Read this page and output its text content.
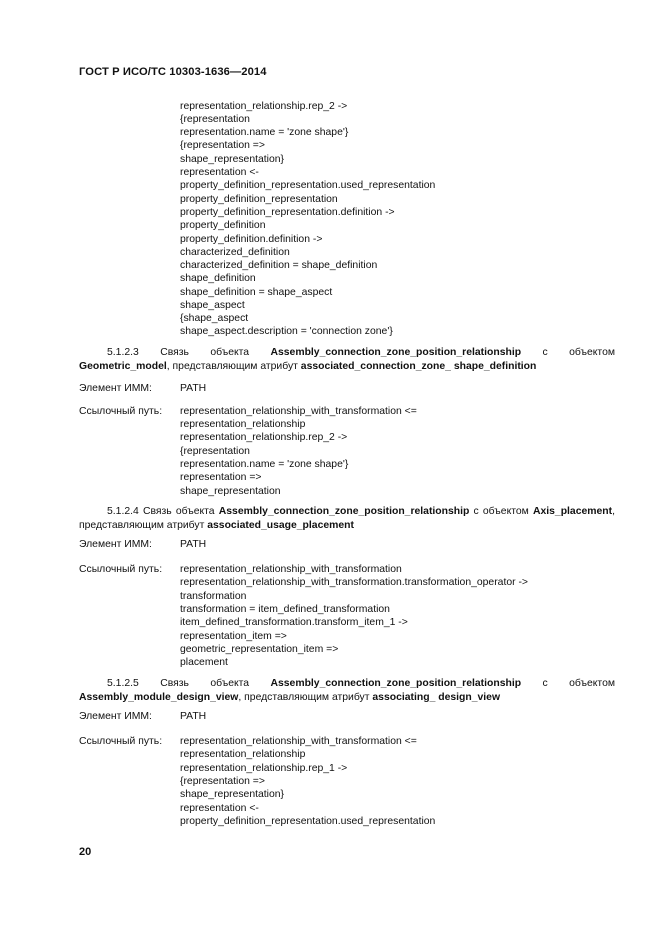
ГОСТ Р ИСО/ТС 10303-1636—2014
representation_relationship.rep_2 ->
{representation
representation.name = 'zone shape'}
{representation =>
shape_representation}
representation <-
property_definition_representation.used_representation
property_definition_representation
property_definition_representation.definition ->
property_definition
property_definition.definition ->
characterized_definition
characterized_definition = shape_definition
shape_definition
shape_definition = shape_aspect
shape_aspect
{shape_aspect
shape_aspect.description = 'connection zone'}
5.1.2.3 Связь объекта Assembly_connection_zone_position_relationship с объектом Geometric_model, представляющим атрибут associated_connection_zone_ shape_definition
Элемент ИММ:	PATH
Ссылочный путь: representation_relationship_with_transformation <=
representation_relationship
representation_relationship.rep_2 ->
{representation
representation.name = 'zone shape'}
representation =>
shape_representation
5.1.2.4 Связь объекта Assembly_connection_zone_position_relationship с объектом Axis_placement, представляющим атрибут associated_usage_placement
Элемент ИММ:	PATH
Ссылочный путь: representation_relationship_with_transformation
representation_relationship_with_transformation.transformation_operator ->
transformation
transformation = item_defined_transformation
item_defined_transformation.transform_item_1 ->
representation_item =>
geometric_representation_item =>
placement
5.1.2.5 Связь объекта Assembly_connection_zone_position_relationship с объектом Assembly_module_design_view, представляющим атрибут associating_ design_view
Элемент ИММ:	PATH
Ссылочный путь: representation_relationship_with_transformation <=
representation_relationship
representation_relationship.rep_1 ->
{representation =>
shape_representation}
representation <-
property_definition_representation.used_representation
20
